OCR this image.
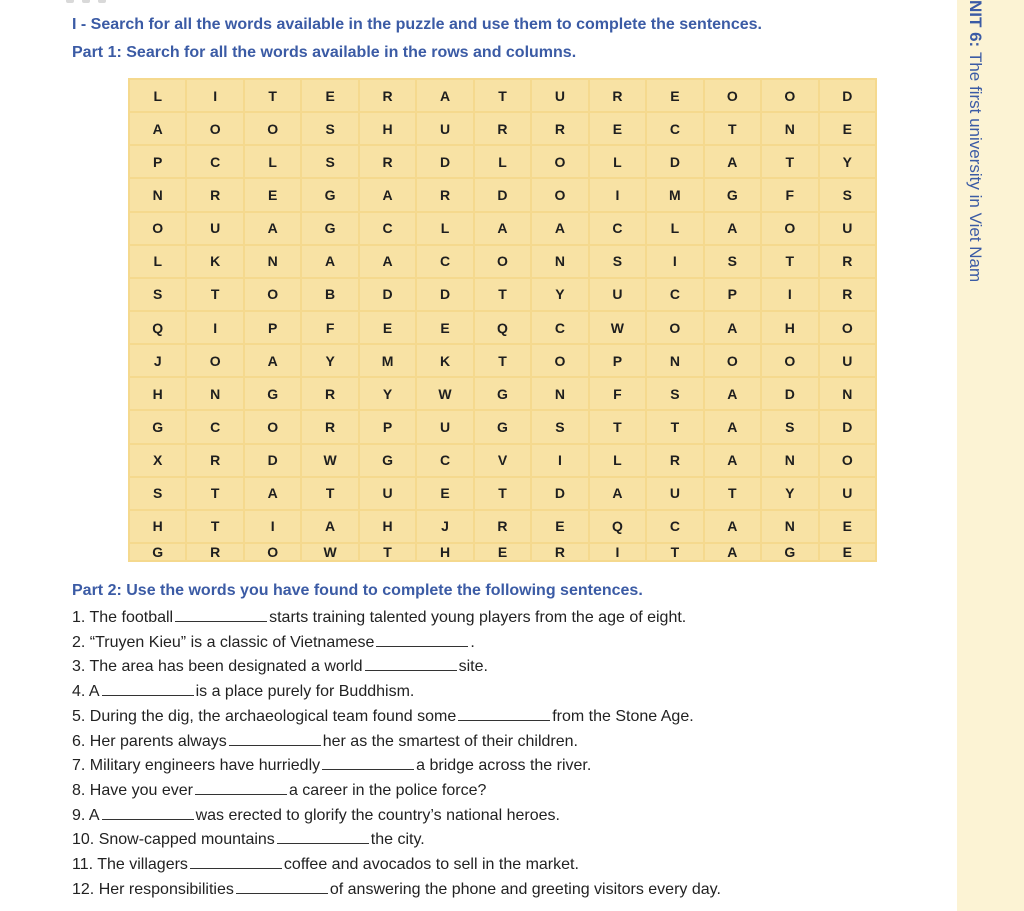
I - Search for all the words available in the puzzle and use them to complete the sentences.
Part 1: Search for all the words available in the rows and columns.
L	I	T	E	R	A	T	U	R	E	O	O	D
A	O	O	S	H	U	R	R	E	C	T	N	E
P	C	L	S	R	D	L	O	L	D	A	T	Y
N	R	E	G	A	R	D	O	I	M	G	F	S
O	U	A	G	C	L	A	A	C	L	A	O	U
L	K	N	A	A	C	O	N	S	I	S	T	R
S	T	O	B	D	D	T	Y	U	C	P	I	R
Q	I	P	F	E	E	Q	C	W	O	A	H	O
J	O	A	Y	M	K	T	O	P	N	O	O	U
H	N	G	R	Y	W	G	N	F	S	A	D	N
G	C	O	R	P	U	G	S	T	T	A	S	D
X	R	D	W	G	C	V	I	L	R	A	N	O
S	T	A	T	U	E	T	D	A	U	T	Y	U
H	T	I	A	H	J	R	E	Q	C	A	N	E
G	R	O	W	T	H	E	R	I	T	A	G	E
Part 2: Use the words you have found to complete the following sentences.
1. The football	starts training talented young players from the age of eight.
2. “Truyen Kieu” is a classic of Vietnamese	.
3. The area has been designated a world	site.
4. A	is a place purely for Buddhism.
5. During the dig, the archaeological team found some	from the Stone Age.
6. Her parents always	her as the smartest of their children.
7. Military engineers have hurriedly	a bridge across the river.
8. Have you ever	a career in the police force?
9. A	was erected to glorify the country’s national heroes.
10. Snow-capped mountains	the city.
11. The villagers	coffee and avocados to sell in the market.
12. Her responsibilities	of answering the phone and greeting visitors every day.
NIT 6: The first university in Viet Nam
